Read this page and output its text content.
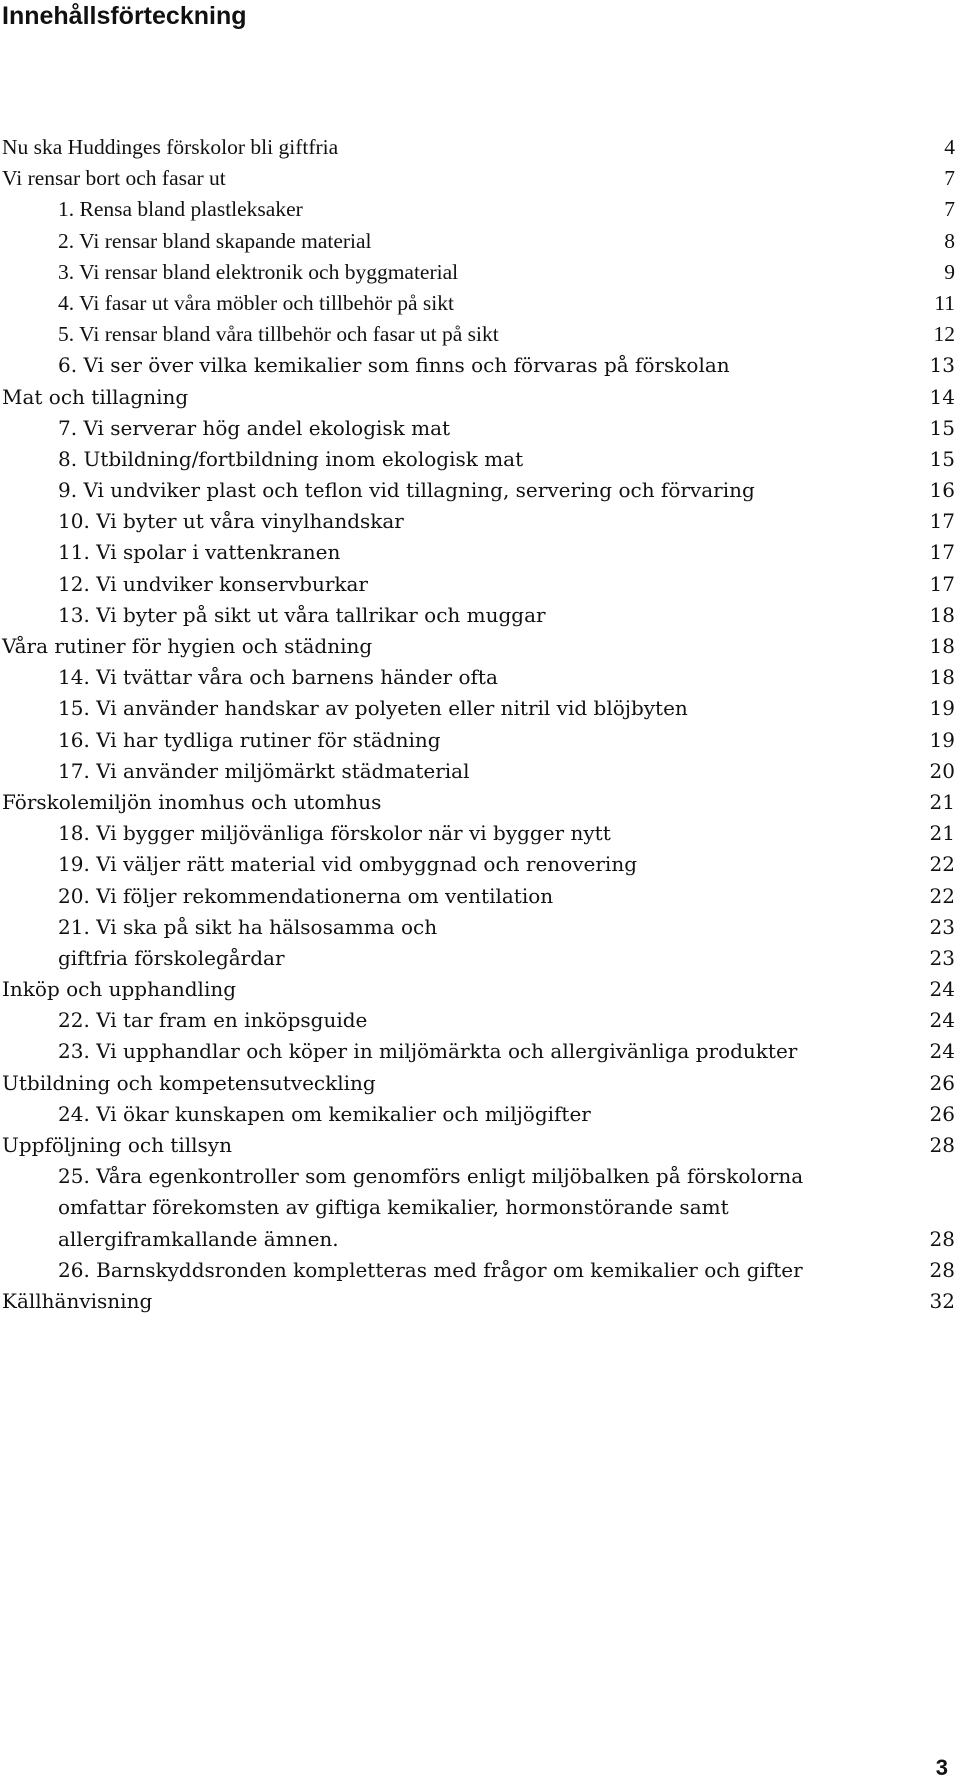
Innehållsförteckning
Nu ska Huddinges förskolor bli giftfria	4
Vi rensar bort och fasar ut	7
1. Rensa bland plastleksaker	7
2. Vi rensar bland skapande material	8
3. Vi rensar bland elektronik och byggmaterial	9
4. Vi fasar ut våra möbler och tillbehör på sikt	11
5. Vi rensar bland våra tillbehör och fasar ut på sikt	12
6. Vi ser över vilka kemikalier som finns och förvaras på förskolan	13
Mat och tillagning	14
7. Vi serverar hög andel ekologisk mat	15
8. Utbildning/fortbildning inom ekologisk mat	15
9. Vi undviker plast och teflon vid tillagning, servering och förvaring	16
10. Vi byter ut våra vinylhandskar	17
11. Vi spolar i vattenkranen	17
12. Vi undviker konservburkar	17
13. Vi byter på sikt ut våra tallrikar och muggar	18
Våra rutiner för hygien och städning	18
14. Vi tvättar våra och barnens händer ofta	18
15. Vi använder handskar av polyeten eller nitril vid blöjbyten	19
16. Vi har tydliga rutiner för städning	19
17. Vi använder miljömärkt städmaterial	20
Förskolemiljön inomhus och utomhus	21
18. Vi bygger miljövänliga förskolor när vi bygger nytt	21
19. Vi väljer rätt material vid ombyggnad och renovering	22
20. Vi följer rekommendationerna om ventilation	22
21. Vi ska på sikt ha hälsosamma och	23
giftfria förskolegårdar	23
Inköp och upphandling	24
22. Vi tar fram en inköpsguide	24
23. Vi upphandlar och köper in miljömärkta och allergivänliga produkter	24
Utbildning och kompetensutveckling	26
24. Vi ökar kunskapen om kemikalier och miljögifter	26
Uppföljning och tillsyn	28
25. Våra egenkontroller som genomförs enligt miljöbalken på förskolorna
omfattar förekomsten av giftiga kemikalier, hormonstörande samt
allergiframkallande ämnen.	28
26. Barnskyddsronden kompletteras med frågor om kemikalier och gifter	28
Källhänvisning	32
3
